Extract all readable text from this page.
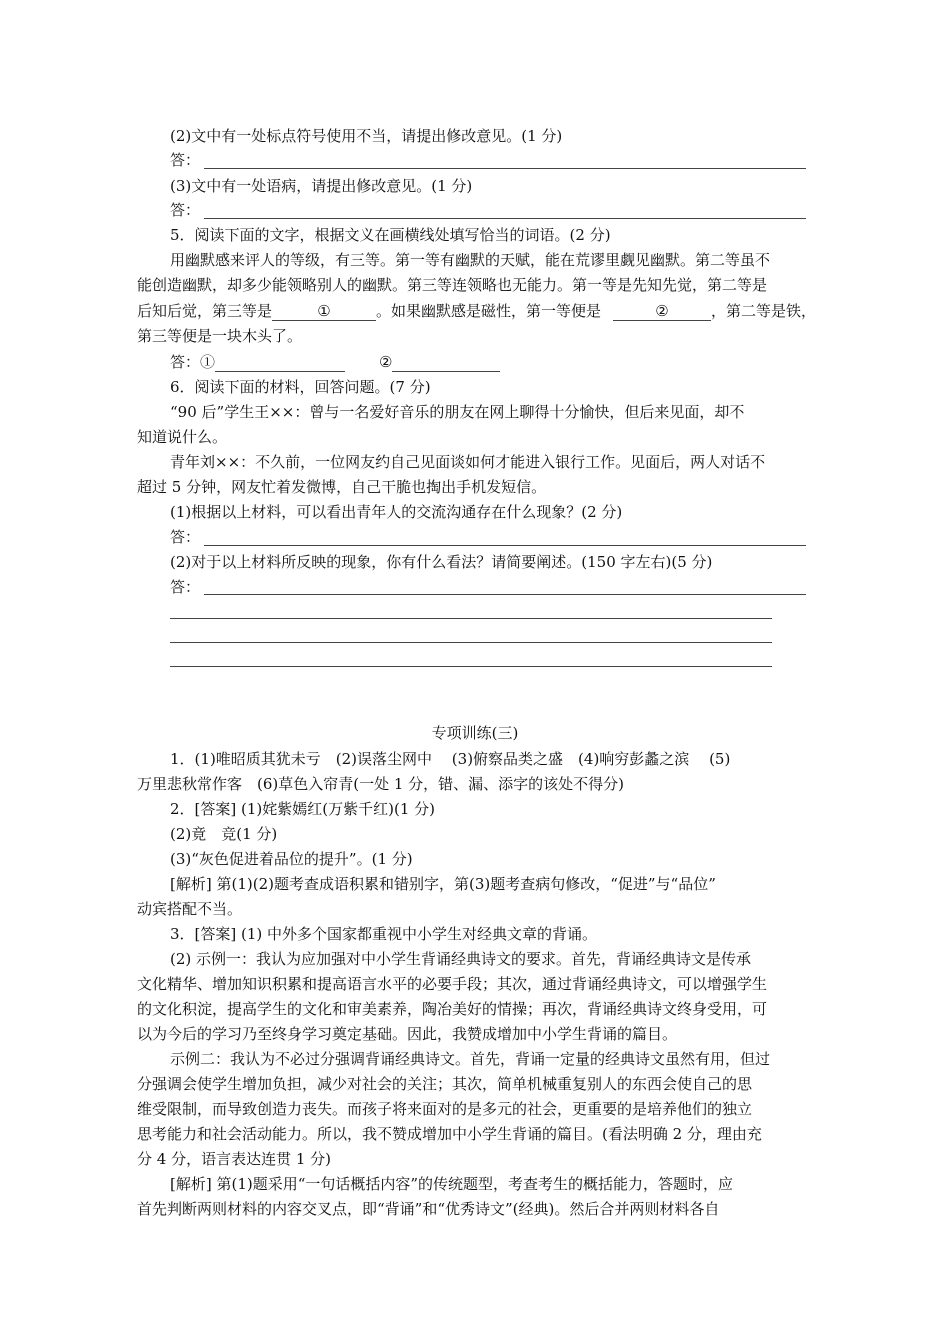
(2)文中有一处标点符号使用不当，请提出修改意见。(1 分)
答：
(3)文中有一处语病，请提出修改意见。(1 分)
答：
5．阅读下面的文字，根据文义在画横线处填写恰当的词语。(2 分)
用幽默感来评人的等级，有三等。第一等有幽默的天赋，能在荒谬里觑见幽默。第二等虽不
能创造幽默，却多少能领略别人的幽默。第三等连领略也无能力。第一等是先知先觉，第二等是
后知后觉，第三等是	①	。如果幽默感是磁性，第一等便是	②	，第二等是铁，
第三等便是一块木头了。
答：①	②
6．阅读下面的材料，回答问题。(7 分)
“90 后”学生王××：曾与一名爱好音乐的朋友在网上聊得十分愉快，但后来见面，却不
知道说什么。
青年刘××：不久前，一位网友约自己见面谈如何才能进入银行工作。见面后，两人对话不
超过 5 分钟，网友忙着发微博，自己干脆也掏出手机发短信。
(1)根据以上材料，可以看出青年人的交流沟通存在什么现象？(2 分)
答：
(2)对于以上材料所反映的现象，你有什么看法？请简要阐述。(150 字左右)(5 分)
答：
专项训练(三)
1．(1)唯昭质其犹未亏　(2)误落尘网中　 (3)俯察品类之盛　(4)响穷彭蠡之滨　 (5)
万里悲秋常作客　(6)草色入帘青(一处 1 分，错、漏、添字的该处不得分)
2．[答案] (1)姹紫嫣红(万紫千红)(1 分)
(2)竟　竞(1 分)
(3)“灰色促进着品位的提升”。(1 分)
[解析] 第(1)(2)题考查成语积累和错别字，第(3)题考查病句修改，“促进”与“品位”
动宾搭配不当。
3．[答案] (1) 中外多个国家都重视中小学生对经典文章的背诵。
(2) 示例一：我认为应加强对中小学生背诵经典诗文的要求。首先，背诵经典诗文是传承
文化精华、增加知识积累和提高语言水平的必要手段；其次，通过背诵经典诗文，可以增强学生
的文化积淀，提高学生的文化和审美素养，陶冶美好的情操；再次，背诵经典诗文终身受用，可
以为今后的学习乃至终身学习奠定基础。因此，我赞成增加中小学生背诵的篇目。
示例二：我认为不必过分强调背诵经典诗文。首先，背诵一定量的经典诗文虽然有用，但过
分强调会使学生增加负担，减少对社会的关注；其次，简单机械重复别人的东西会使自己的思
维受限制，而导致创造力丧失。而孩子将来面对的是多元的社会，更重要的是培养他们的独立
思考能力和社会活动能力。所以，我不赞成增加中小学生背诵的篇目。(看法明确 2 分，理由充
分 4 分，语言表达连贯 1 分)
[解析] 第(1)题采用“一句话概括内容”的传统题型，考查考生的概括能力，答题时，应
首先判断两则材料的内容交叉点，即“背诵”和“优秀诗文”(经典)。然后合并两则材料各自
